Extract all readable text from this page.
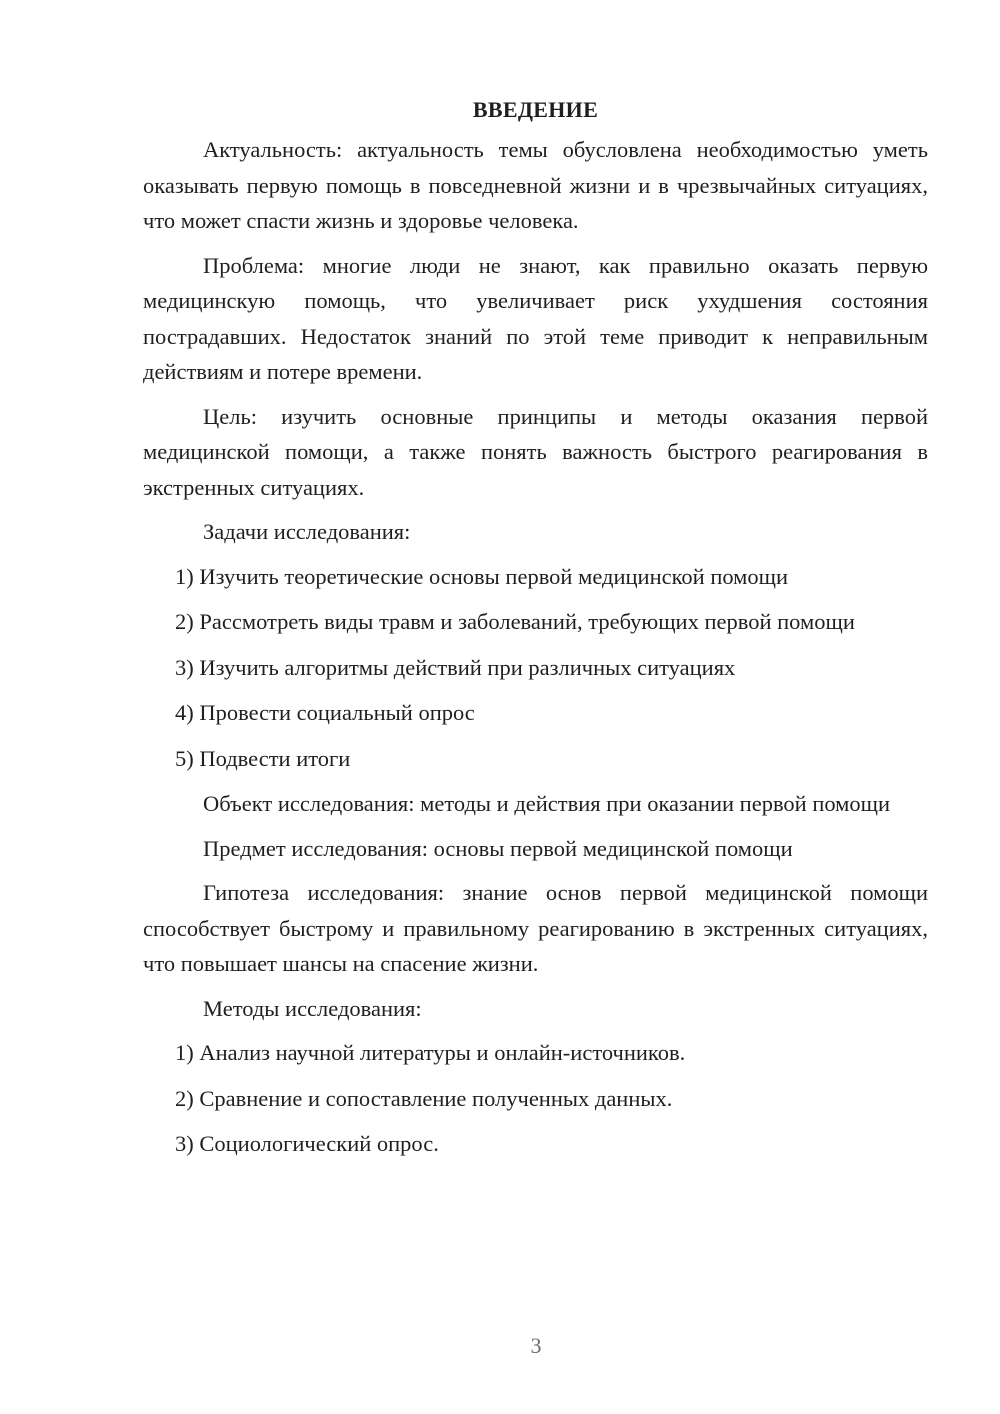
ВВЕДЕНИЕ

Актуальность: актуальность темы обусловлена необходимостью уметь оказывать первую помощь в повседневной жизни и в чрезвычайных ситуациях, что может спасти жизнь и здоровье человека.

Проблема: многие люди не знают, как правильно оказать первую медицинскую помощь, что увеличивает риск ухудшения состояния пострадавших. Недостаток знаний по этой теме приводит к неправильным действиям и потере времени.

Цель: изучить основные принципы и методы оказания первой медицинской помощи, а также понять важность быстрого реагирования в экстренных ситуациях.

Задачи исследования:

1) Изучить теоретические основы первой медицинской помощи
2) Рассмотреть виды травм и заболеваний, требующих первой помощи
3) Изучить алгоритмы действий при различных ситуациях
4) Провести социальный опрос
5) Подвести итоги

Объект исследования: методы и действия при оказании первой помощи

Предмет исследования: основы первой медицинской помощи

Гипотеза исследования: знание основ первой медицинской помощи способствует быстрому и правильному реагированию в экстренных ситуациях, что повышает шансы на спасение жизни.

Методы исследования:

1) Анализ научной литературы и онлайн-источников.
2) Сравнение и сопоставление полученных данных.
3) Социологический опрос.
3
